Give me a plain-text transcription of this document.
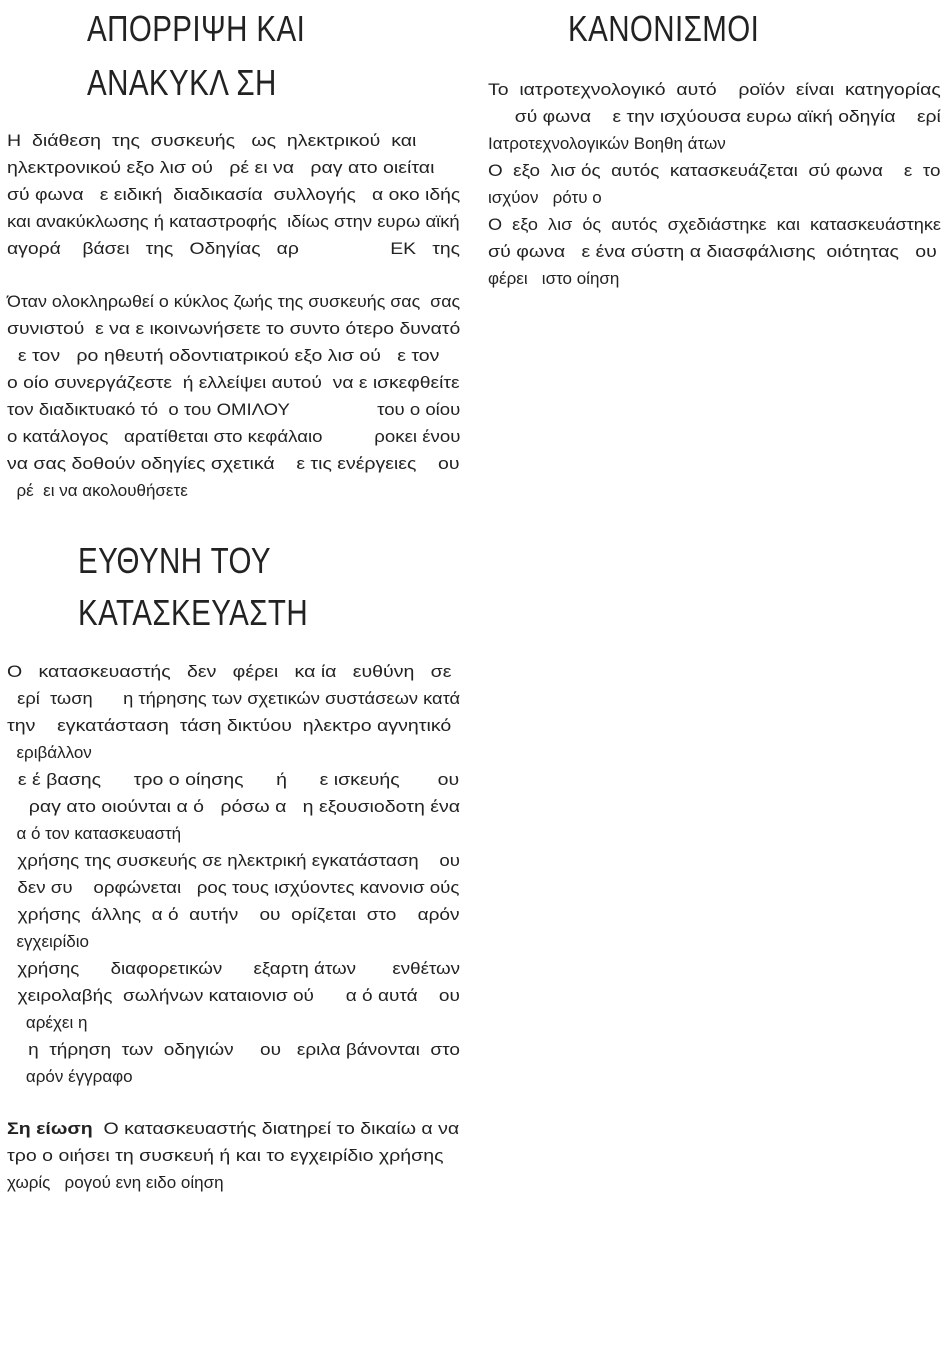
ΑΠΟΡΡΙΨΗ ΚΑΙ
ΑΝΑΚΥΚΛ ΣΗ
Η  διάθεση  της  συσκευής   ως  ηλεκτρικού  και
ηλεκτρονικού εξο λισ ού   ρέ ει να   ραγ ατο οιείται
σύ φωνα   ε ειδική  διαδικασία  συλλογής   α οκο ιδής
και ανακύκλωσης ή καταστροφής  ιδίως στην ευρω αϊκή
αγορά    βάσει   της   Οδηγίας   αρ                 ΕΚ   της
Όταν ολοκληρωθεί ο κύκλος ζωής της συσκευής σας  σας
συνιστού  ε να ε ικοινωνήσετε το συντο ότερο δυνατό
ε τον   ρο ηθευτή οδοντιατρικού εξο λισ ού   ε τον
ο οίο συνεργάζεστε  ή ελλείψει αυτού  να ε ισκεφθείτε
τον διαδικτυακό τό  ο του ΟΜΙΛΟΥ                 του ο οίου
ο κατάλογος   αρατίθεται στο κεφάλαιο          ροκει ένου
να σας δοθούν οδηγίες σχετικά    ε τις ενέργειες    ου
ρέ  ει να ακολουθήσετε
ΕΥΘΥΝΗ ΤΟΥ
ΚΑΤΑΣΚΕΥΑΣΤΗ
Ο   κατασκευαστής   δεν   φέρει   κα ία   ευθύνη   σε
ερί  τωση      η τήρησης των σχετικών συστάσεων κατά
την    εγκατάσταση  τάση δικτύου  ηλεκτρο αγνητικό
εριβάλλον
ε έ βασης      τρο ο οίησης      ή      ε ισκευής       ου
ραγ ατο οιούνται α ό   ρόσω α   η εξουσιοδοτη ένα
α ό τον κατασκευαστή
χρήσης της συσκευής σε ηλεκτρική εγκατάσταση    ου
δεν συ    ορφώνεται   ρος τους ισχύοντες κανονισ ούς
χρήσης  άλλης  α ό  αυτήν    ου  ορίζεται  στο    αρόν
εγχειρίδιο
χρήσης      διαφορετικών      εξαρτη άτων       ενθέτων
χειρολαβής  σωλήνων καταιονισ ού      α ό αυτά    ου
αρέχει η
η  τήρηση  των  οδηγιών     ου   εριλα βάνονται  στο
αρόν έγγραφο
Ση είωση  Ο κατασκευαστής διατηρεί το δικαίω α να
τρο ο οιήσει τη συσκευή ή και το εγχειρίδιο χρήσης
χωρίς   ρογού ενη ειδο οίηση
ΚΑΝΟΝΙΣΜΟΙ
Το  ιατροτεχνολογικό  αυτό    ροϊόν  είναι  κατηγορίας
σύ φωνα    ε την ισχύουσα ευρω αϊκή οδηγία    ερί
Ιατροτεχνολογικών Βοηθη άτων
Ο  εξο  λισ ός  αυτός  κατασκευάζεται  σύ φωνα    ε  το
ισχύον   ρότυ ο
Ο  εξο  λισ  ός  αυτός  σχεδιάστηκε  και  κατασκευάστηκε
σύ φωνα   ε ένα σύστη α διασφάλισης  οιότητας   ου
φέρει   ιστο οίηση
